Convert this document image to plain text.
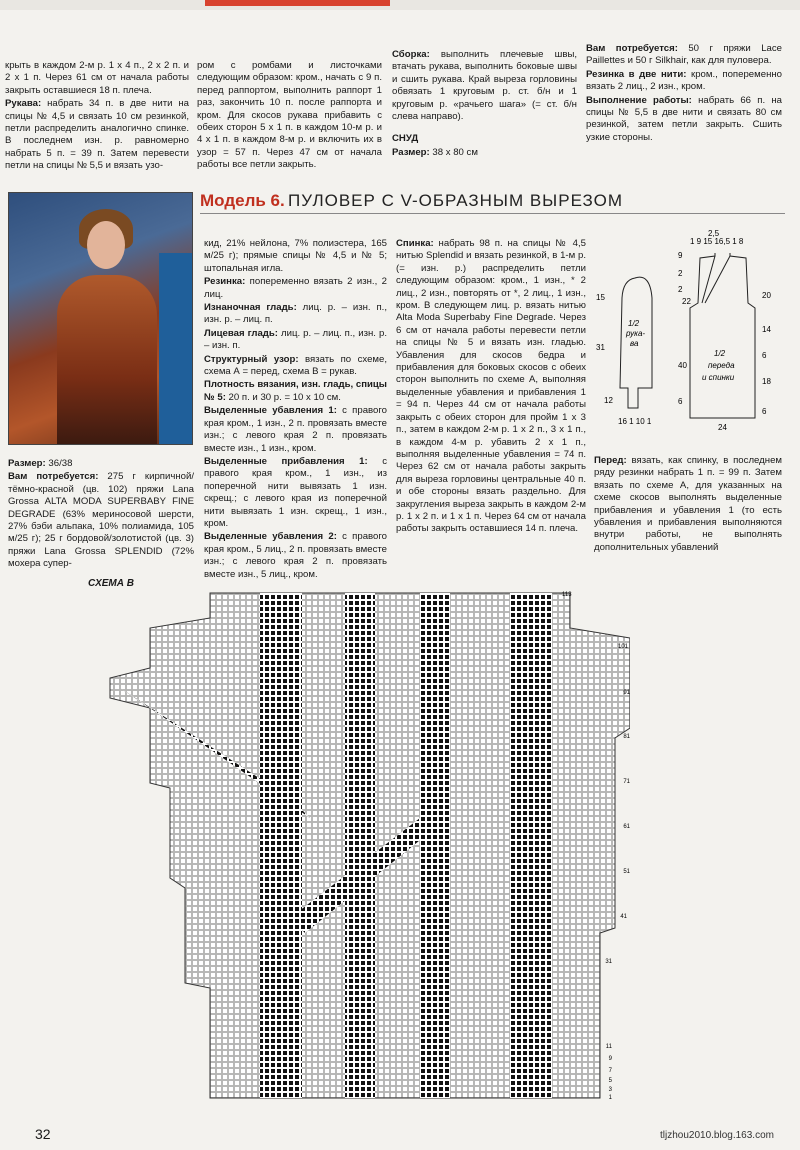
крыть в каждом 2-м р. 1 х 4 п., 2 х 2 п. и 2 х 1 п. Через 61 см от начала работы закрыть оставшиеся 18 п. плеча.

Рукава: набрать 34 п. в две нити на спицы № 4,5 и связать 10 см резинкой, петли распределить аналогично спинке. В последнем изн. р. равномерно набрать 5 п. = 39 п. Затем перевести петли на спицы № 5,5 и вязать узо-

ром с ромбами и листочками следующим образом: кром., начать с 9 п. перед раппортом, выполнить раппорт 1 раз, закончить 10 п. после раппорта и кром. Для скосов рукава прибавить с обеих сторон 5 х 1 п. в каждом 10-м р. и 4 х 1 п. в каждом 8-м р. и включить их в узор = 57 п. Через 47 см от начала работы все петли закрыть.

Сборка: выполнить плечевые швы, втачать рукава, выполнить боковые швы и сшить рукава. Край выреза горловины обвязать 1 круговым р. ст. б/н и 1 круговым р. «рачьего шага» (= ст. б/н слева направо).

СНУД

Размер: 38 х 80 см

Вам потребуется: 50 г пряжи Lace Paillettes и 50 г Silkhair, как для пуловера.

Резинка в две нити: кром., попеременно вязать 2 лиц., 2 изн., кром.

Выполнение работы: набрать 66 п. на спицы № 5,5 в две нити и связать 80 см резинкой, затем петли закрыть. Сшить узкие стороны.

Модель 6. ПУЛОВЕР С V-ОБРАЗНЫМ ВЫРЕЗОМ

Размер: 36/38

Вам потребуется: 275 г кирпичной/тёмно-красной (цв. 102) пряжи Lana Grossa ALTA MODA SUPERBABY FINE DEGRADE (63% мериносовой шерсти, 27% бэби альпака, 10% полиамида, 105 м/25 г); 25 г бордовой/золотистой (цв. 3) пряжи Lana Grossa SPLENDID (72% мохера супер-

кид, 21% нейлона, 7% полиэстера, 165 м/25 г); прямые спицы № 4,5 и № 5; штопальная игла.

Резинка: попеременно вязать 2 изн., 2 лиц.

Изнаночная гладь: лиц. р. – изн. п., изн. р. – лиц. п.

Лицевая гладь: лиц. р. – лиц. п., изн. р. – изн. п.

Структурный узор: вязать по схеме, схема А = перед, схема В = рукав.

Плотность вязания, изн. гладь, спицы № 5: 20 п. и 30 р. = 10 х 10 см.

Выделенные убавления 1: с правого края кром., 1 изн., 2 п. провязать вместе изн.; с левого края 2 п. провязать вместе изн., 1 изн., кром.

Выделенные прибавления 1: с правого края кром., 1 изн., из поперечной нити вывязать 1 изн. скрещ.; с левого края из поперечной нити вывязать 1 изн. скрещ., 1 изн., кром.

Выделенные убавления 2: с правого края кром., 5 лиц., 2 п. провязать вместе изн.; с левого края 2 п. провязать вместе изн., 5 лиц., кром.

Спинка: набрать 98 п. на спицы № 4,5 нитью Splendid и вязать резинкой, в 1-м р. (= изн. р.) распределить петли следующим образом: кром., 1 изн., * 2 лиц., 2 изн., повторять от *, 2 лиц., 1 изн., кром. В следующем лиц. р. вязать нитью Alta Moda Superbaby Fine Degrade. Через 6 см от начала работы перевести петли на спицы № 5 и вязать изн. гладью. Убавления для скосов бедра и прибавления для боковых скосов с обеих сторон выполнить по схеме А, выполняя выделенные убавления и прибавления 1 = 94 п. Через 44 см от начала работы закрыть с обеих сторон для пройм 1 х 3 п., затем в каждом 2-м р. 1 х 2 п., 3 х 1 п., в каждом 4-м р. убавить 2 х 1 п., выполняя выделенные убавления = 74 п. Через 62 см от начала работы закрыть для выреза горловины центральные 40 п. и обе стороны вязать раздельно. Для закругления выреза закрыть в каждом 2-м р. 1 х 2 п. и 1 х 1 п. Через 64 см от начала работы закрыть оставшиеся 14 п. плеча.

Перед: вязать, как спинку, в последнем ряду резинки набрать 1 п. = 99 п. Затем вязать по схеме А, для указанных на схеме скосов выполнять выделенные прибавления и убавления 1 (то есть убавления и прибавления выполняются внутри работы, не выполнять дополнительных убавлений

15
31
12
16 1 10 1
1/2
рука-
ва
2,5
1 9 15 16,5 1 8
9
2
2
22
40
6
20
14
6
18
6
24
1/2
переда
и спинки
СХЕМА В
113
101
91
81
71
61
51
41
31
11
9
7
5
3
1
32	tljzhou2010.blog.163.com
